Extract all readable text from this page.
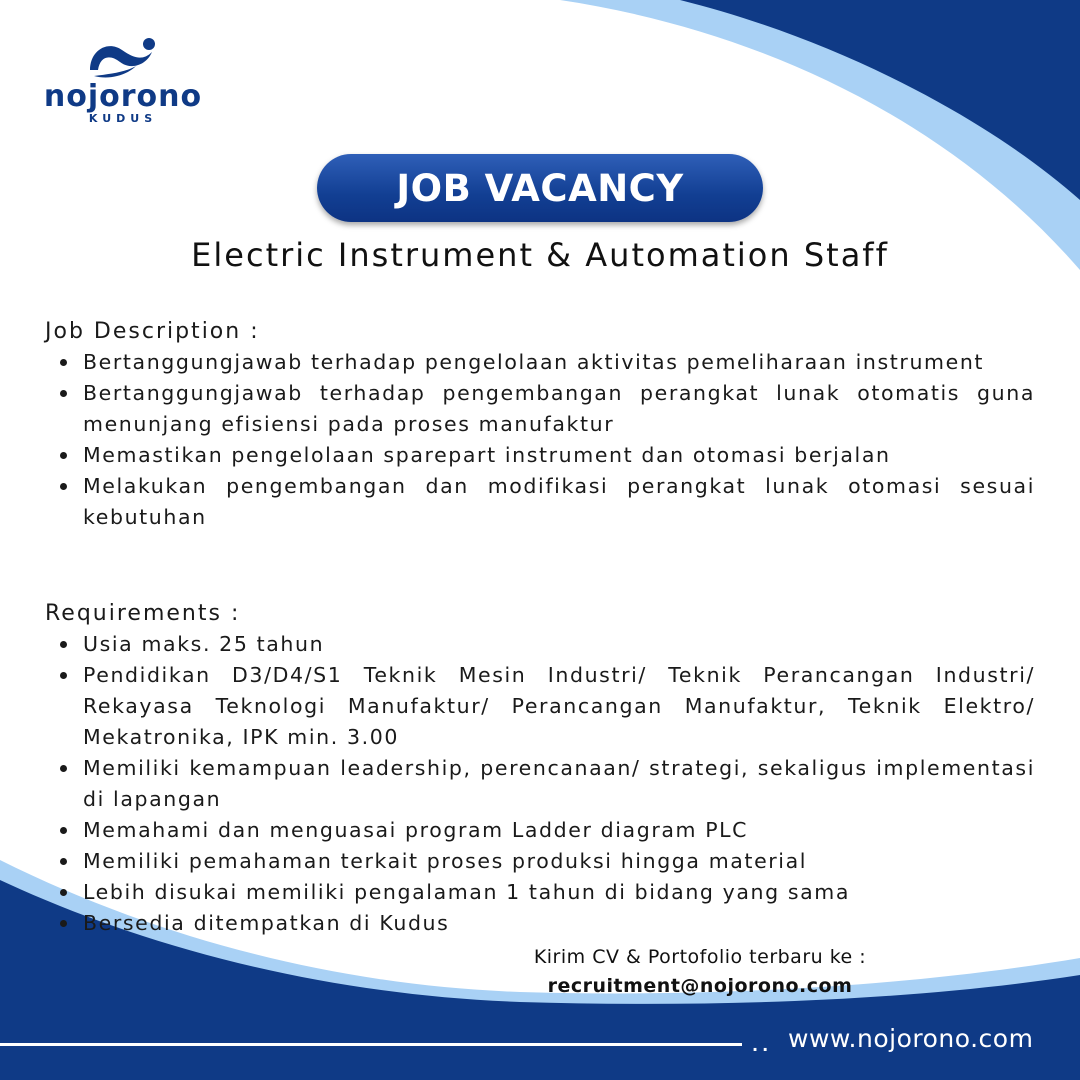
nojorono
KUDUS
JOB VACANCY
Electric Instrument & Automation Staff
Job Description :
Bertanggungjawab terhadap pengelolaan aktivitas pemeliharaan instrument
Bertanggungjawab terhadap pengembangan perangkat lunak otomatis guna menunjang efisiensi pada proses manufaktur
Memastikan pengelolaan sparepart instrument dan otomasi berjalan
Melakukan pengembangan dan modifikasi perangkat lunak otomasi sesuai kebutuhan
Requirements :
Usia maks. 25 tahun
Pendidikan D3/D4/S1 Teknik Mesin Industri/ Teknik Perancangan Industri/ Rekayasa Teknologi Manufaktur/ Perancangan Manufaktur, Teknik Elektro/ Mekatronika, IPK min. 3.00
Memiliki kemampuan leadership, perencanaan/ strategi, sekaligus implementasi di lapangan
Memahami dan menguasai program Ladder diagram PLC
Memiliki pemahaman terkait proses produksi hingga material
Lebih disukai memiliki pengalaman 1 tahun di bidang yang sama
Bersedia ditempatkan di Kudus
Kirim CV & Portofolio terbaru ke :
recruitment@nojorono.com
·· www.nojorono.com
